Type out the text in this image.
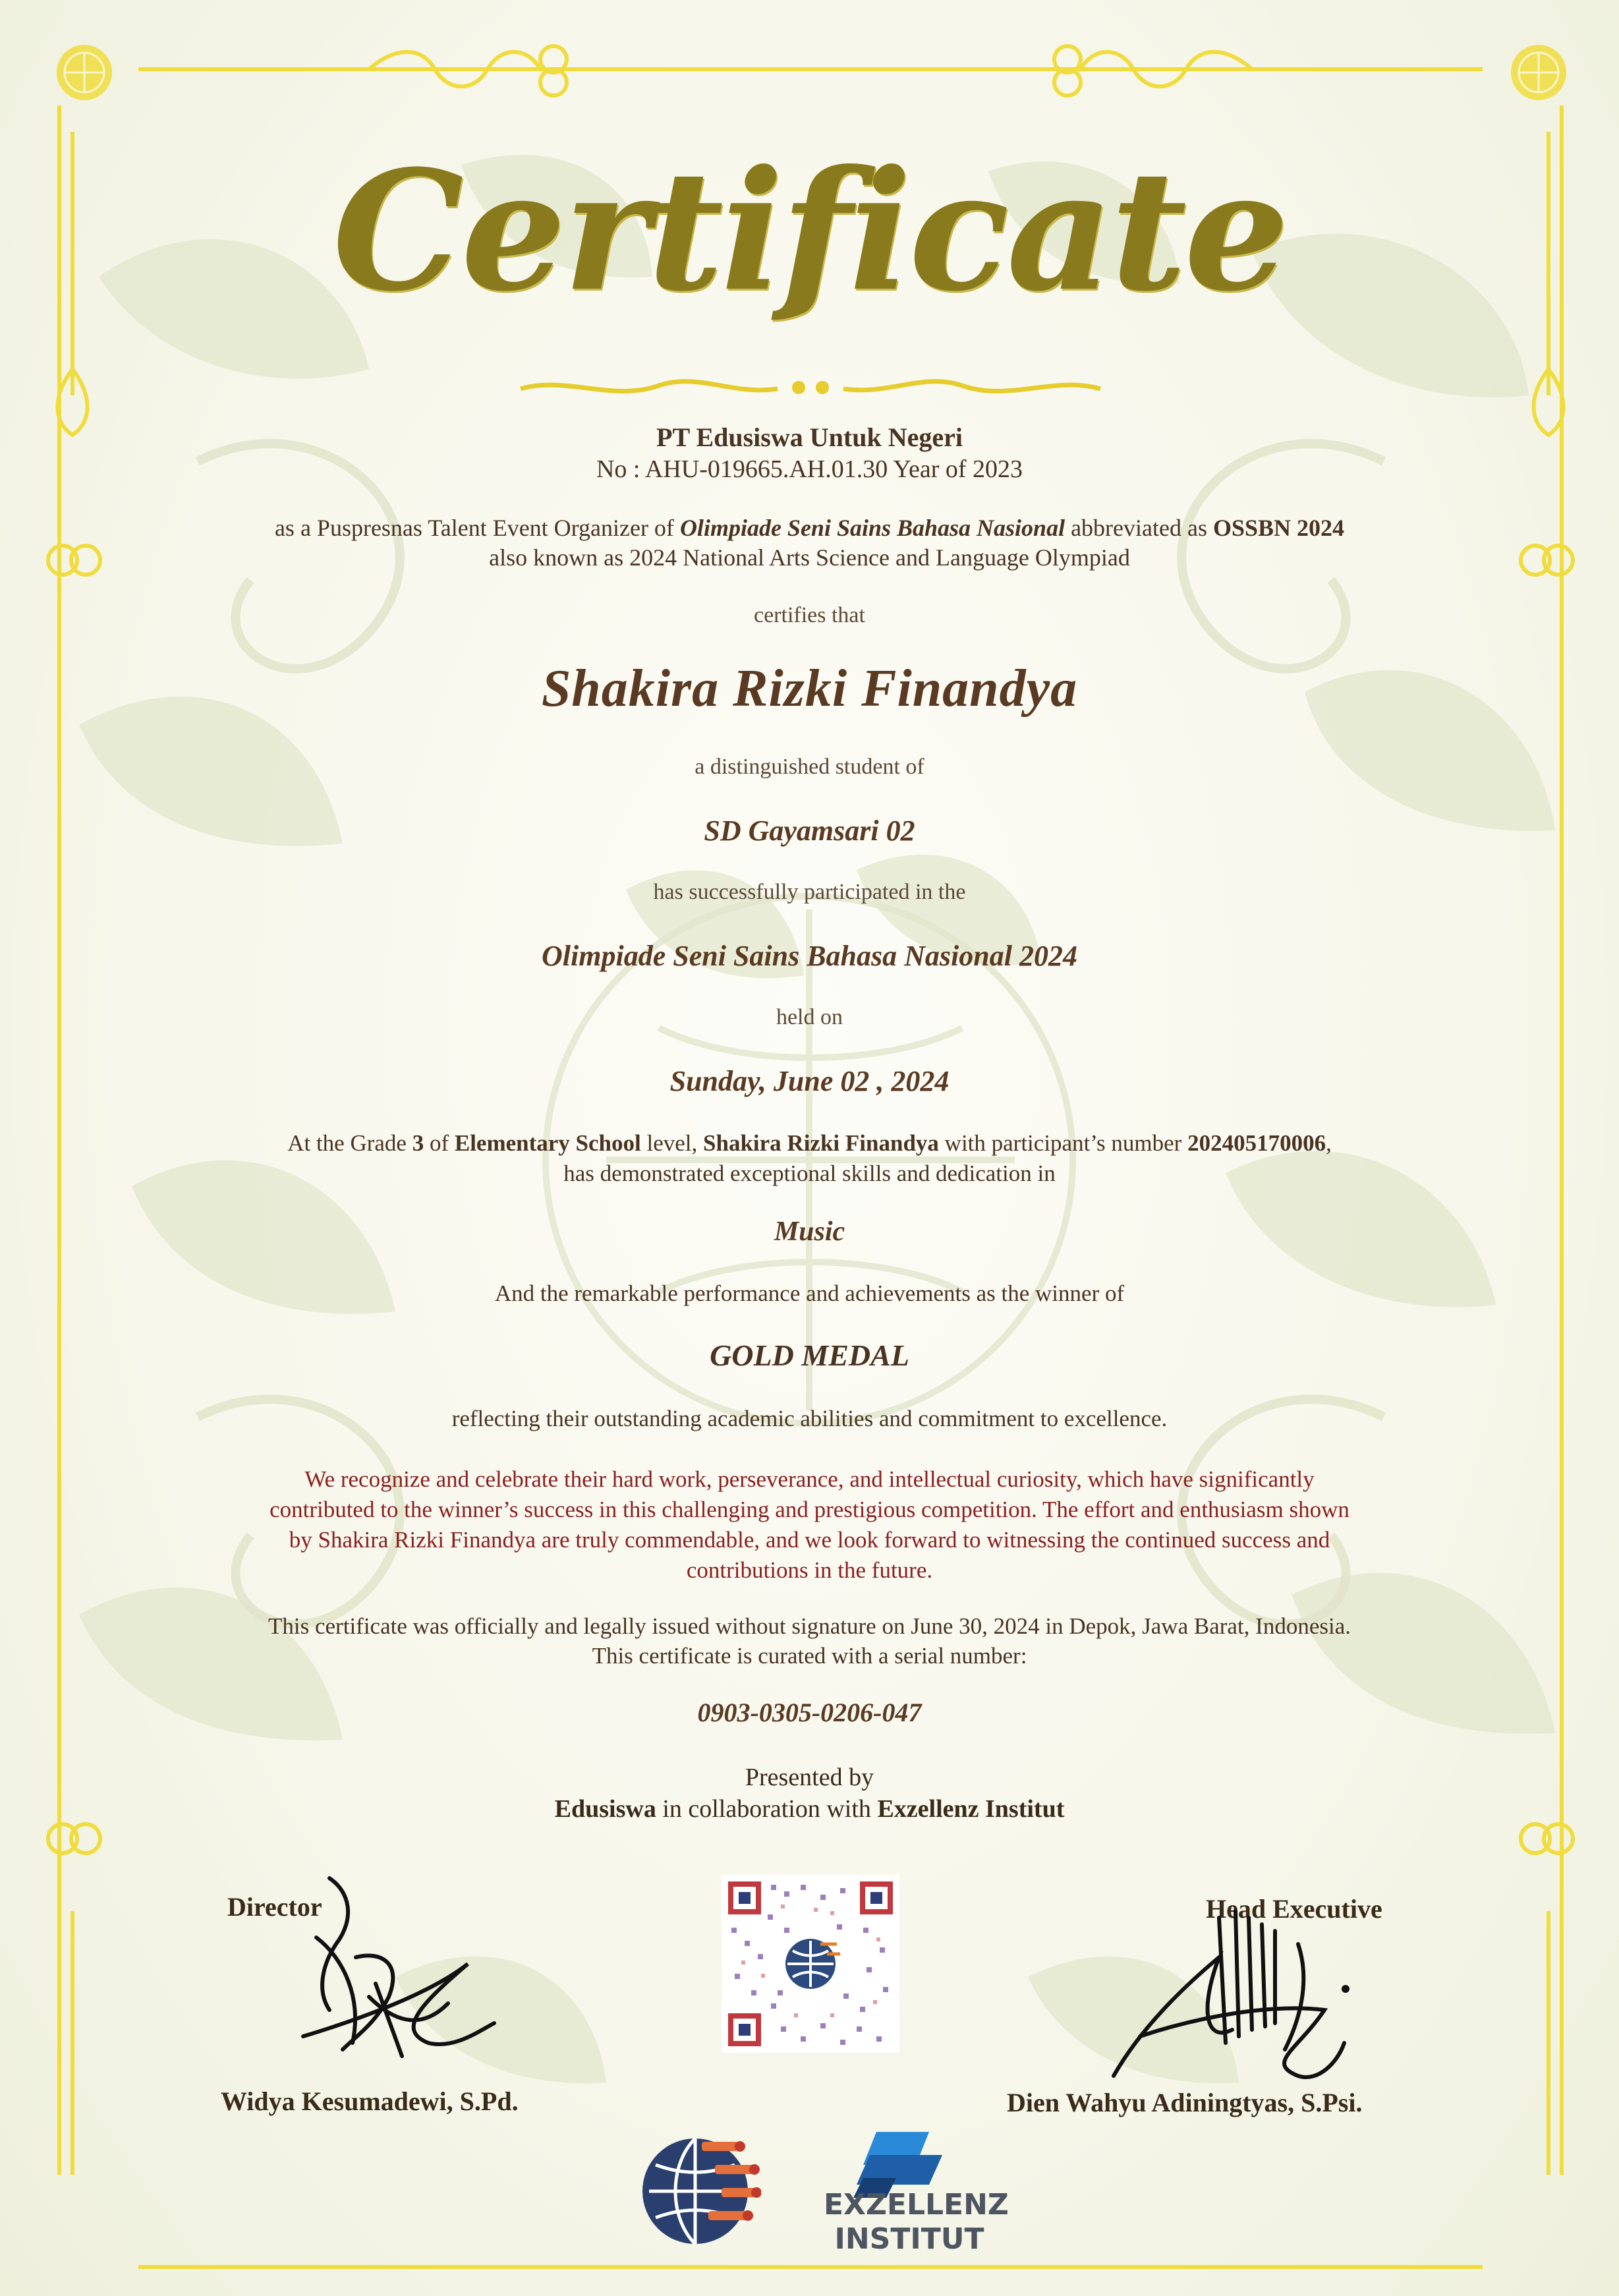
Certificate
PT Edusiswa Untuk Negeri
No : AHU-019665.AH.01.30 Year of 2023
as a Puspresnas Talent Event Organizer of Olimpiade Seni Sains Bahasa Nasional abbreviated as OSSBN 2024
also known as 2024 National Arts Science and Language Olympiad
certifies that
Shakira Rizki Finandya
a distinguished student of
SD Gayamsari 02
has successfully participated in the
Olimpiade Seni Sains Bahasa Nasional 2024
held on
Sunday, June 02 , 2024
At the Grade 3 of Elementary School level, Shakira Rizki Finandya with participant’s number 202405170006,
has demonstrated exceptional skills and dedication in
Music
And the remarkable performance and achievements as the winner of
GOLD MEDAL
reflecting their outstanding academic abilities and commitment to excellence.
We recognize and celebrate their hard work, perseverance, and intellectual curiosity, which have significantly
contributed to the winner’s success in this challenging and prestigious competition. The effort and enthusiasm shown
by Shakira Rizki Finandya are truly commendable, and we look forward to witnessing the continued success and
contributions in the future.
This certificate was officially and legally issued without signature on June 30, 2024 in Depok, Jawa Barat, Indonesia.
This certificate is curated with a serial number:
0903-0305-0206-047
Presented by
Edusiswa in collaboration with Exzellenz Institut
Director
Widya Kesumadewi, S.Pd.
Head Executive
Dien Wahyu Adiningtyas, S.Psi.
EXZELLENZ
INSTITUT
